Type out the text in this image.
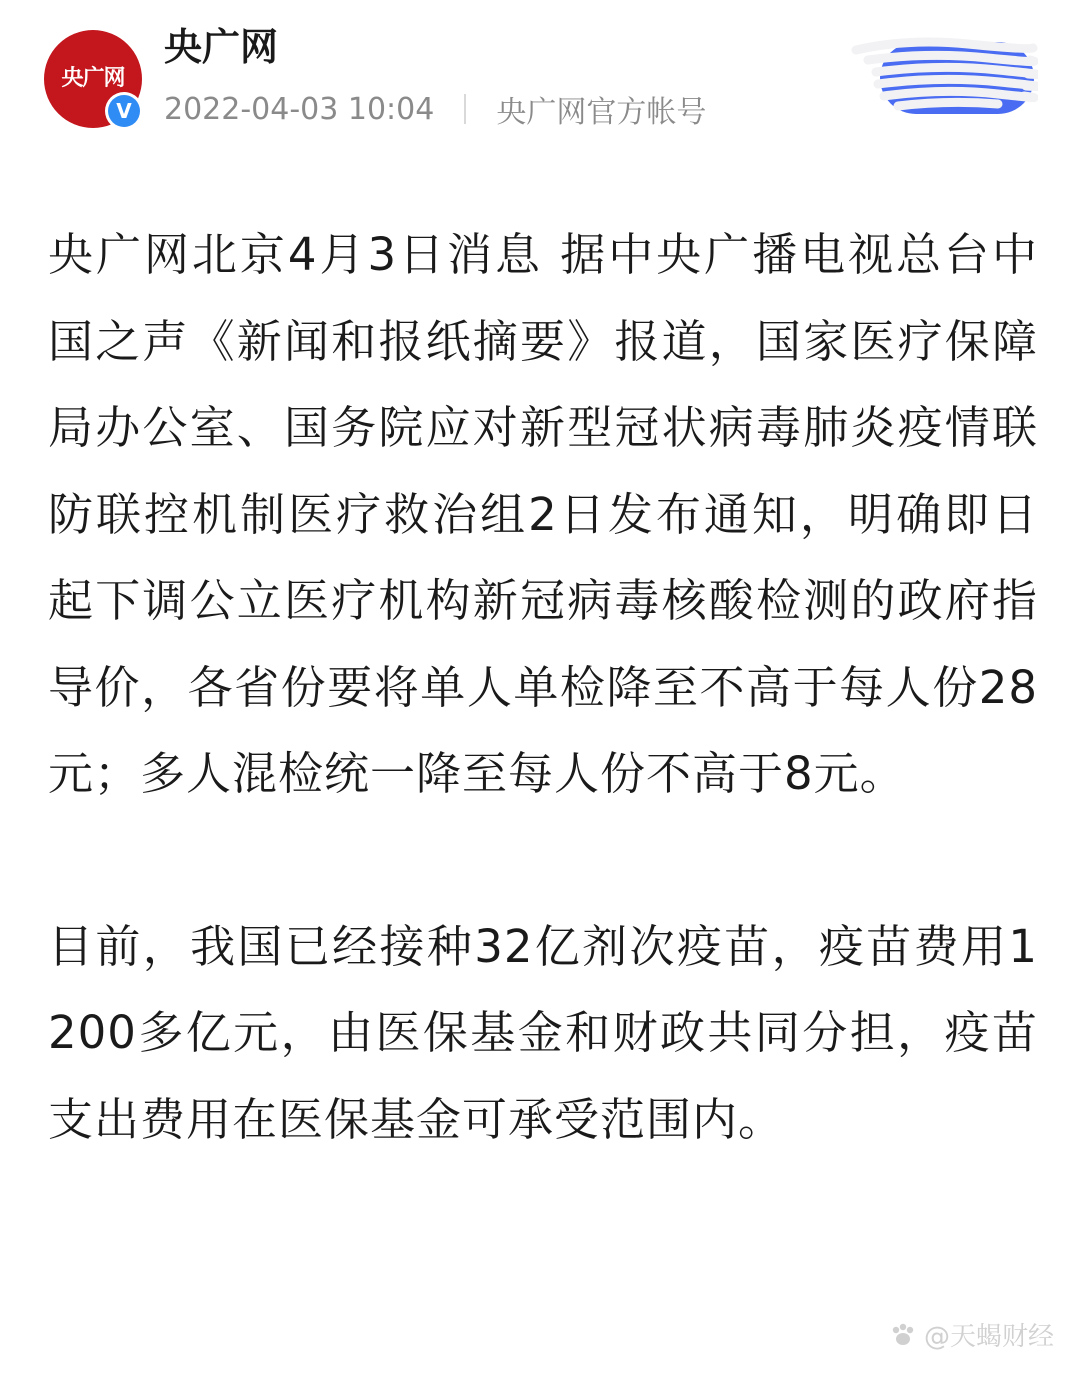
央广网
V
央广网
2022-04-03 10:04 央广网官方帐号

央广网北京4月3日消息 据中央广播电视总台中国之声《新闻和报纸摘要》报道，国家医疗保障局办公室、国务院应对新型冠状病毒肺炎疫情联防联控机制医疗救治组2日发布通知，明确即日起下调公立医疗机构新冠病毒核酸检测的政府指导价，各省份要将单人单检降至不高于每人份28元；多人混检统一降至每人份不高于8元。

目前，我国已经接种32亿剂次疫苗，疫苗费用1200多亿元，由医保基金和财政共同分担，疫苗支出费用在医保基金可承受范围内。

@天蝎财经
